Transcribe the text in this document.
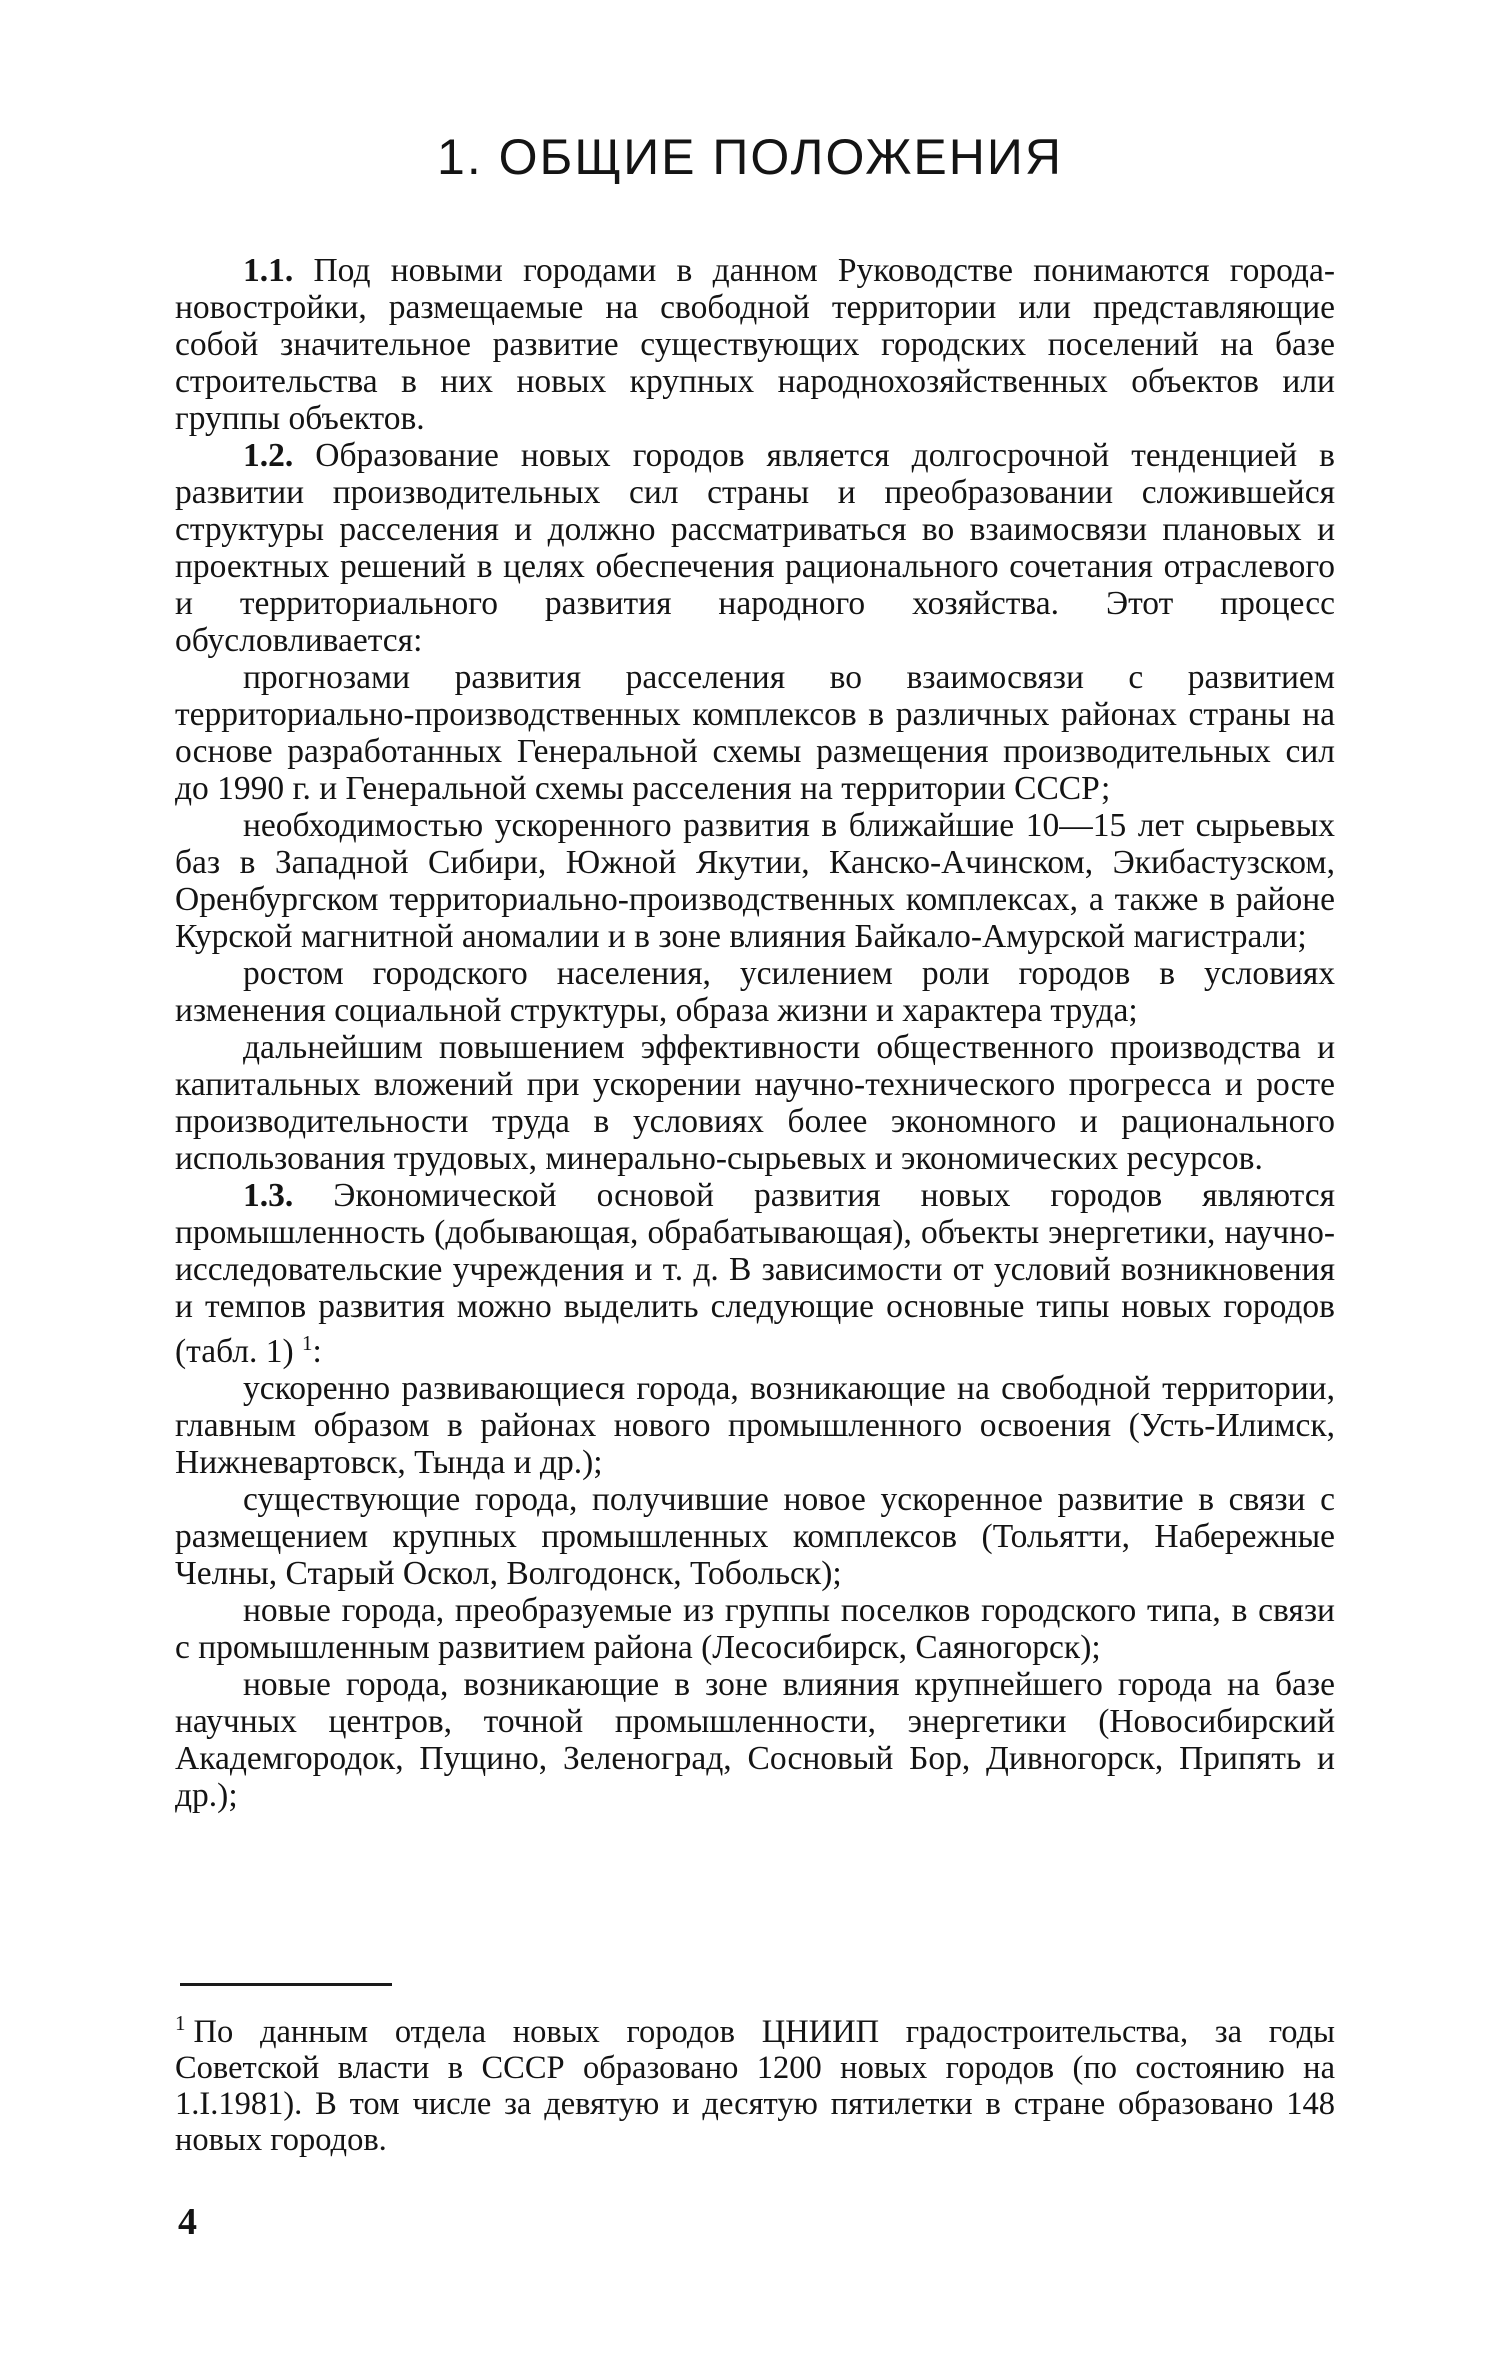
1. ОБЩИЕ ПОЛОЖЕНИЯ

1.1. Под новыми городами в данном Руководстве понимаются города-новостройки, размещаемые на свободной территории или представляющие собой значительное развитие существующих городских поселений на базе строительства в них новых крупных народнохозяйственных объектов или группы объектов.

1.2. Образование новых городов является долгосрочной тенденцией в развитии производительных сил страны и преобразовании сложившейся структуры расселения и должно рассматриваться во взаимосвязи плановых и проектных решений в целях обеспечения рационального сочетания отраслевого и территориального развития народного хозяйства. Этот процесс обусловливается:

прогнозами развития расселения во взаимосвязи с развитием территориально-производственных комплексов в различных районах страны на основе разработанных Генеральной схемы размещения производительных сил до 1990 г. и Генеральной схемы расселения на территории СССР;

необходимостью ускоренного развития в ближайшие 10—15 лет сырьевых баз в Западной Сибири, Южной Якутии, Канско-Ачинском, Экибастузском, Оренбургском территориально-производственных комплексах, а также в районе Курской магнитной аномалии и в зоне влияния Байкало-Амурской магистрали;

ростом городского населения, усилением роли городов в условиях изменения социальной структуры, образа жизни и характера труда;

дальнейшим повышением эффективности общественного производства и капитальных вложений при ускорении научно-технического прогресса и росте производительности труда в условиях более экономного и рационального использования трудовых, минерально-сырьевых и экономических ресурсов.

1.3. Экономической основой развития новых городов являются промышленность (добывающая, обрабатывающая), объекты энергетики, научно-исследовательские учреждения и т. д. В зависимости от условий возникновения и темпов развития можно выделить следующие основные типы новых городов (табл. 1) $^1$:

ускоренно развивающиеся города, возникающие на свободной территории, главным образом в районах нового промышленного освоения (Усть-Илимск, Нижневартовск, Тында и др.);

существующие города, получившие новое ускоренное развитие в связи с размещением крупных промышленных комплексов (Тольятти, Набережные Челны, Старый Оскол, Волгодонск, Тобольск);

новые города, преобразуемые из группы поселков городского типа, в связи с промышленным развитием района (Лесосибирск, Саяногорск);

новые города, возникающие в зоне влияния крупнейшего города на базе научных центров, точной промышленности, энергетики (Новосибирский Академгородок, Пущино, Зеленоград, Сосновый Бор, Дивногорск, Припять и др.);

$^1$ По данным отдела новых городов ЦНИИП градостроительства, за годы Советской власти в СССР образовано 1200 новых городов (по состоянию на 1.I.1981). В том числе за девятую и десятую пятилетки в стране образовано 148 новых городов.

4
